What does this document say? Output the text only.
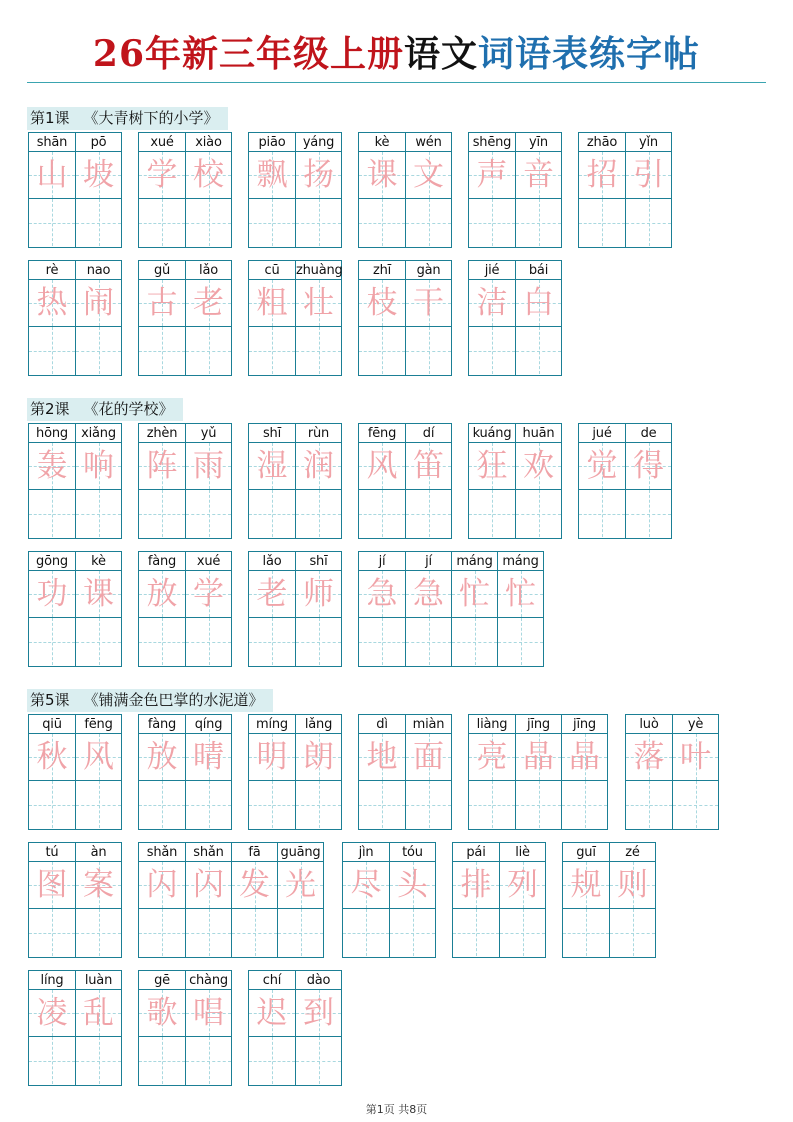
26年新三年级上册语文词语表练字帖
第1课 《大青树下的小学》
第2课 《花的学校》
第5课 《铺满金色巴掌的水泥道》
shān
山
pō
坡
xué
学
xiào
校
piāo
飘
yáng
扬
kè
课
wén
文
shēng
声
yīn
音
zhāo
招
yǐn
引
rè
热
nao
闹
gǔ
古
lǎo
老
cū
粗
zhuàng
壮
zhī
枝
gàn
干
jié
洁
bái
白
hōng
轰
xiǎng
响
zhèn
阵
yǔ
雨
shī
湿
rùn
润
fēng
风
dí
笛
kuáng
狂
huān
欢
jué
觉
de
得
gōng
功
kè
课
fàng
放
xué
学
lǎo
老
shī
师
jí
急
jí
急
máng
忙
máng
忙
qiū
秋
fēng
风
fàng
放
qíng
晴
míng
明
lǎng
朗
dì
地
miàn
面
liàng
亮
jīng
晶
jīng
晶
luò
落
yè
叶
tú
图
àn
案
shǎn
闪
shǎn
闪
fā
发
guāng
光
jìn
尽
tóu
头
pái
排
liè
列
guī
规
zé
则
líng
凌
luàn
乱
gē
歌
chàng
唱
chí
迟
dào
到
第1页 共8页
